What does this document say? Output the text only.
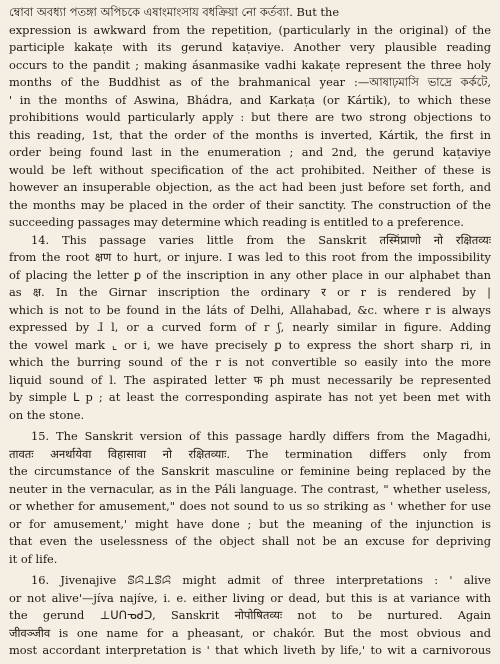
ম্বোবা অবধ্যা পতঙ্গা অপিচকে এষাংমাংসায বধক্রিয়া নো কর্তব্যা. But the
expression is awkward from the repetition, (particularly in the original) of the
participle kakaṭe with its gerund kaṭaviye. Another very plausible reading
occurs to the pandit ; making ásanmasike vadhi kakaṭe represent the three holy
months of the Buddhist as of the brahmanical year :—আষাঢ়মাসি ভাদ্রে কর্কটে,
' in the months of Aswina, Bhádra, and Karkaṭa (or Kártik), to which these
prohibitions would particularly apply : but there are two strong objections to
this reading, 1st, that the order of the months is inverted, Kártik, the first in
order being found last in the enumeration ; and 2nd, the gerund kaṭaviye
would be left without specification of the act prohibited. Neither of these is
however an insuperable objection, as the act had been just before set forth, and
the months may be placed in the order of their sanctity. The construction of the
succeeding passages may determine which reading is entitled to a preference.
14. This passage varies little from the Sanskrit तस्मिंप्राणो नो रक्षितव्यः
from the root क्षण to hurt, or injure. I was led to this root from the impossibility
of placing the letter ꝑ of the inscription in any other place in our alphabet than
as क्ष. In the Girnar inscription the ordinary र or r is rendered by |
which is not to be found in the láts of Delhi, Allahabad, &c. where r is always
expressed by ɺ l, or a curved form of r ʃ, nearly similar in figure. Adding
the vowel mark ⌞ or i, we have precisely ꝑ to express the short sharp ri, in
which the burring sound of the r is not convertible so easily into the more
liquid sound of l. The aspirated letter फ ph must necessarily be represented
by simple ᒪ p ; at least the corresponding aspirate has not yet been met with
on the stone.
15. The Sanskrit version of this passage hardly differs from the Magadhi,
तावतः अनर्थायेवा विहासावा नो रक्षितव्याः. The termination differs only from
the circumstance of the Sanskrit masculine or feminine being replaced by the
neuter in the vernacular, as in the Páli language. The contrast, " whether useless,
or whether for amusement," does not sound to us so striking as ' whether for use
or for amusement,' might have done ; but the meaning of the injunction is
that even the uselessness of the object shall not be an excuse for depriving
it of life.
16. Jivenajive ꕷꕸ⊥ꕷꕸ might admit of three interpretations : ' alive
or not alive'—jíva najíve, i. e. either living or dead, but this is at variance with
the gerund ⊥ᑌᑎᓀᑯᑐ, Sanskrit नोपोषितव्यः not to be nurtured. Again
जीवञ्जीव is one name for a pheasant, or chakór. But the most obvious and
most accordant interpretation is ' that which liveth by life,' to wit a carnivorous
